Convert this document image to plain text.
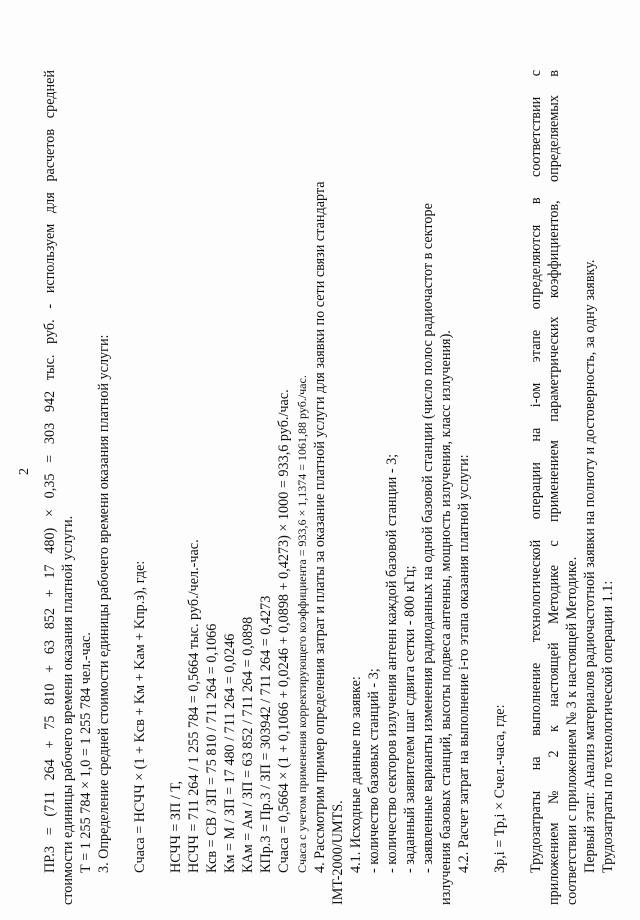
2 ПР.3 = (711 264 + 75 810 + 63 852 + 17 480) × 0,35 = 303 942 тыс. руб. - используем для расчетов средней стоимости единицы рабочего времени оказания платной услуги. Т = 1 255 784 × 1,0 = 1 255 784 чел.-час. 3. Определение средней стоимости единицы рабочего времени оказания платной услуги: Cчаса = НСЧЧ × (1 + Kсв + Kм + Kам + Kпр.з), где: НСЧЧ = ЗП / Т, НСЧЧ = 711 264 / 1 255 784 = 0,5664 тыс. руб./чел.-час. Ксв = СВ / ЗП = 75 810 / 711 264 = 0,1066 Км = М / ЗП = 17 480 / 711 264 = 0,0246 КАм = Ам / ЗП = 63 852 / 711 264 = 0,0898 КПр.3 = Пр.3 / ЗП = 303942 / 711 264 = 0,4273 Cчаса = 0,5664 × (1 + 0,1066 + 0,0246 + 0,0898 + 0,4273) × 1000 = 933,6 руб./час. Cчаса с учетом применения корректирующего коэффициента = 933,6 × 1,1374 = 1061,88 руб./час. 4. Рассмотрим пример определения затрат и платы за оказание платной услуги для заявки по сети связи стандарта IMT-2000/UMTS. 4.1. Исходные данные по заявке: - количество базовых станций - 3; - количество секторов излучения антенн каждой базовой станции - 3; - заданный заявителем шаг сдвига сетки - 800 кГц; - заявленные варианты изменения радиоданных на одной базовой станции (число полос радиочастот в секторе излучения базовых станций, высоты подвеса антенны, мощность излучения, класс излучения). 4.2. Расчет затрат на выполнение i-го этапа оказания платной услуги: Зр,i = Тр,i × Счел.-часа, где: Трудозатраты на выполнение технологической операции на i-ом этапе определяются в соответствии с приложением № 2 к настоящей Методике с применением параметрических коэффициентов, определяемых в соответствии с приложением № 3 к настоящей Методике. Первый этап: Анализ материалов радиочастотной заявки на полноту и достоверность, за одну заявку. Трудозатраты по технологической операции 1.1:
